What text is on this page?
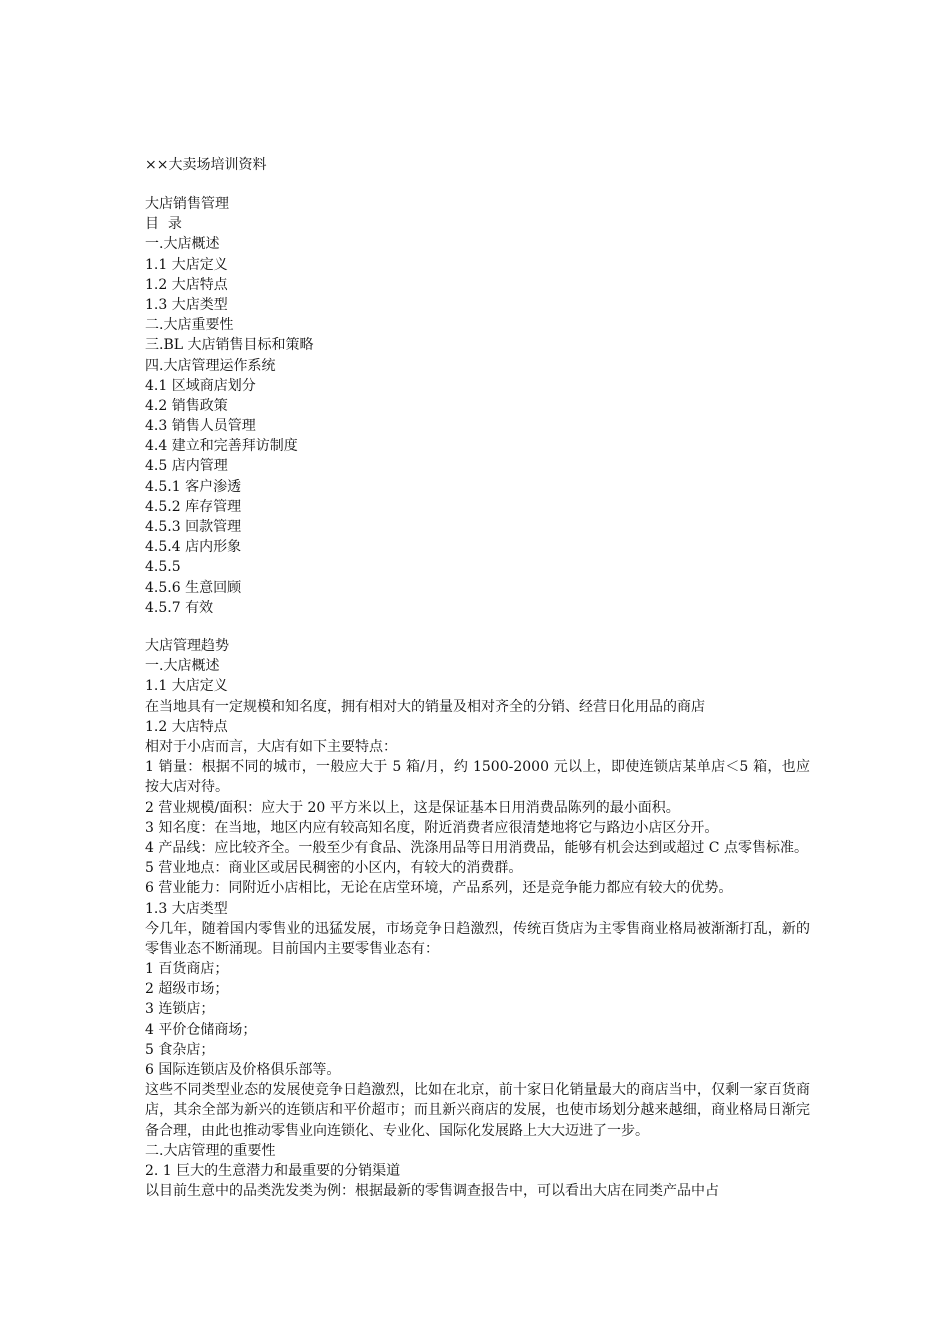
××大卖场培训资料
大店销售管理
目  录
一.大店概述
1.1 大店定义
1.2 大店特点
1.3 大店类型
二.大店重要性
三.BL 大店销售目标和策略
四.大店管理运作系统
4.1 区域商店划分
4.2 销售政策
4.3 销售人员管理
4.4 建立和完善拜访制度
4.5 店内管理
4.5.1 客户渗透
4.5.2 库存管理
4.5.3 回款管理
4.5.4 店内形象
4.5.5
4.5.6 生意回顾
4.5.7 有效
大店管理趋势
一.大店概述
1.1 大店定义
在当地具有一定规模和知名度，拥有相对大的销量及相对齐全的分销、经营日化用品的商店
1.2 大店特点
相对于小店而言，大店有如下主要特点：
1 销量：根据不同的城市，一般应大于 5 箱/月，约 1500-2000 元以上，即使连锁店某单店＜5 箱，也应按大店对待。
2 营业规模/面积：应大于 20 平方米以上，这是保证基本日用消费品陈列的最小面积。
3 知名度：在当地，地区内应有较高知名度，附近消费者应很清楚地将它与路边小店区分开。
4 产品线：应比较齐全。一般至少有食品、洗涤用品等日用消费品，能够有机会达到或超过 C 点零售标准。
5 营业地点：商业区或居民稠密的小区内，有较大的消费群。
6 营业能力：同附近小店相比，无论在店堂环境，产品系列，还是竞争能力都应有较大的优势。
1.3 大店类型
今几年，随着国内零售业的迅猛发展，市场竞争日趋激烈，传统百货店为主零售商业格局被渐渐打乱，新的零售业态不断涌现。目前国内主要零售业态有：
1 百货商店；
2 超级市场；
3 连锁店；
4 平价仓储商场；
5 食杂店；
6 国际连锁店及价格俱乐部等。
这些不同类型业态的发展使竞争日趋激烈，比如在北京，前十家日化销量最大的商店当中，仅剩一家百货商店，其余全部为新兴的连锁店和平价超市；而且新兴商店的发展，也使市场划分越来越细，商业格局日渐完备合理，由此也推动零售业向连锁化、专业化、国际化发展路上大大迈进了一步。
二.大店管理的重要性
2. 1 巨大的生意潜力和最重要的分销渠道
以目前生意中的品类洗发类为例：根据最新的零售调查报告中，可以看出大店在同类产品中占
